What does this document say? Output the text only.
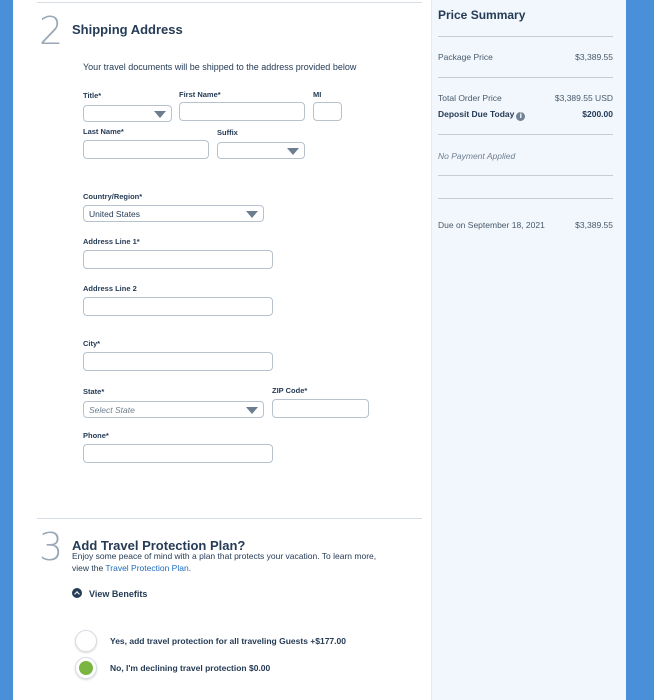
2 Shipping Address
Your travel documents will be shipped to the address provided below
Title*	First Name*	MI
Last Name*	Suffix
Country/Region*
United States
Address Line 1*
Address Line 2
City*
State*
Select State
ZIP Code*
Phone*
3 Add Travel Protection Plan?
Enjoy some peace of mind with a plan that protects your vacation. To learn more, view the Travel Protection Plan.
View Benefits
Yes, add travel protection for all traveling Guests +$177.00
No, I'm declining travel protection $0.00
Price Summary
Package Price	$3,389.55
Total Order Price	$3,389.55 USD
Deposit Due Today i	$200.00
No Payment Applied
Due on September 18, 2021	$3,389.55
